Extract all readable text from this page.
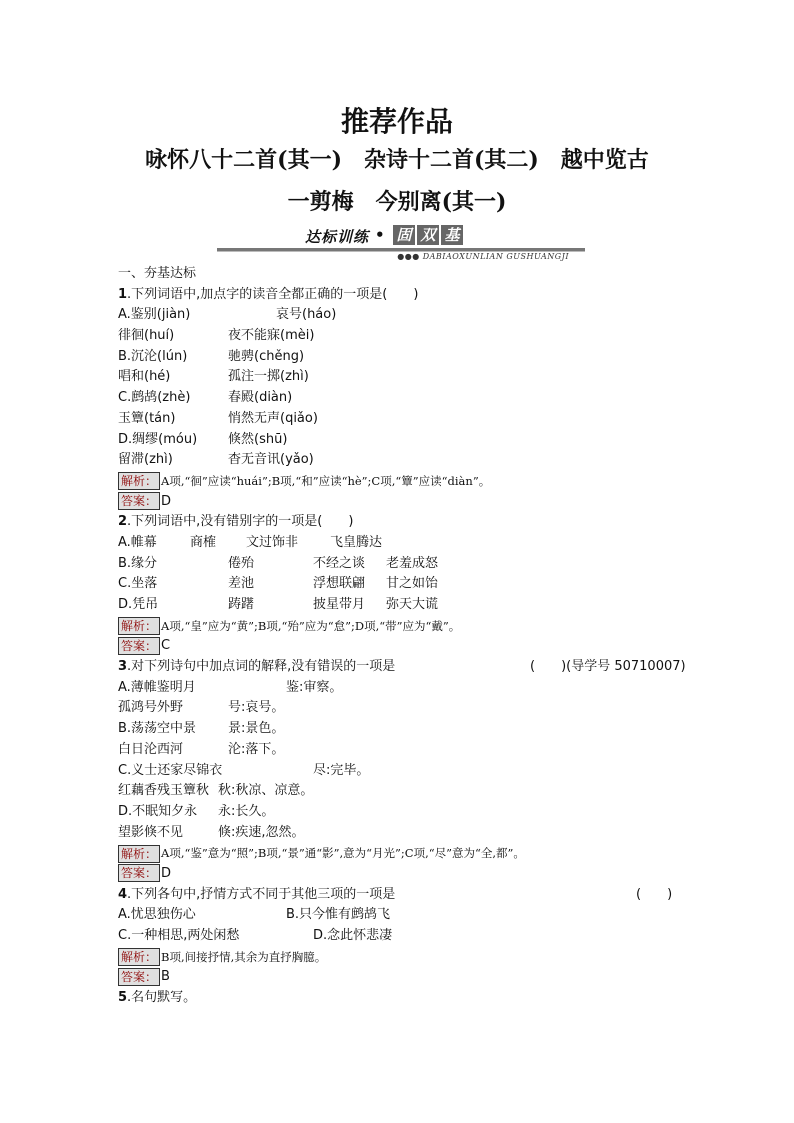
推荐作品
咏怀八十二首(其一)　杂诗十二首(其二)　越中览古
一剪梅　今别离(其一)
达标训练 • 固 双 基
●●● DABIAOXUNLIAN GUSHUANGJI
一、夯基达标
1.下列词语中,加点字的读音全都正确的一项是(　　)
A.鉴别(jiàn)	哀号(háo)
徘徊(huí)	夜不能寐(mèi)
B.沉沦(lún)	驰骋(chěng)
唱和(hé)	孤注一掷(zhì)
C.鹧鸪(zhè)	春殿(diàn)
玉簟(tán)	悄然无声(qiǎo)
D.绸缪(móu) 倏然(shū)
留滞(zhì)	杳无音讯(yǎo)
解析： A项,“徊”应读“huái”;B项,“和”应读“hè”;C项,“簟”应读“diàn”。
答案： D
2.下列词语中,没有错别字的一项是(　　)
A.帷幕	商榷 文过饰非 飞皇腾达
B.缘分	倦殆	不经之谈 老羞成怒
C.坐落	差池	浮想联翩 甘之如饴
D.凭吊	踌躇	披星带月 弥天大谎
解析： A项,“皇”应为“黄”;B项,“殆”应为“怠”;D项,“带”应为“戴”。
答案： C
3.对下列诗句中加点词的解释,没有错误的一项是	(　　)(导学号 50710007)
A.薄帷鉴明月	鉴:审察。
孤鸿号外野	号:哀号。
B.荡荡空中景 景:景色。
白日沦西河	沦:落下。
C.义士还家尽锦衣	尽:完毕。
红藕香残玉簟秋 秋:秋凉、凉意。
D.不眠知夕永 永:长久。
望影倏不见	倏:疾速,忽然。
解析： A项,“鉴”意为“照”;B项,“景”通“影”,意为“月光”;C项,“尽”意为“全,都”。
答案： D
4.下列各句中,抒情方式不同于其他三项的一项是	(　　)
A.忧思独伤心	B.只今惟有鹧鸪飞
C.一种相思,两处闲愁	D.念此怀悲凄
解析： B项,间接抒情,其余为直抒胸臆。
答案： B
5.名句默写。
